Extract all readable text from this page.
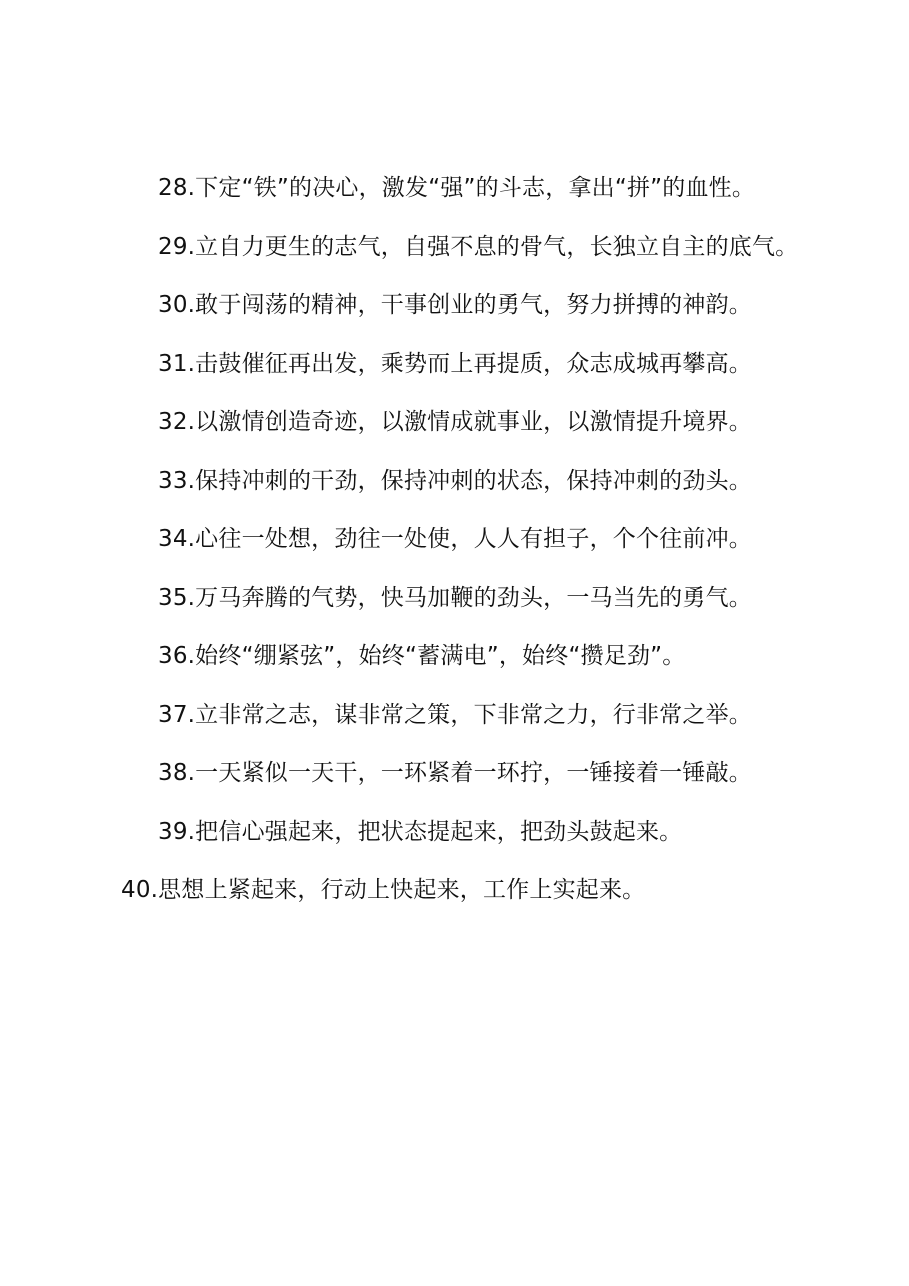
28.下定“铁”的决心，激发“强”的斗志，拿出“拼”的血性。

29.立自力更生的志气，自强不息的骨气，长独立自主的底气。

30.敢于闯荡的精神，干事创业的勇气，努力拼搏的神韵。

31.击鼓催征再出发，乘势而上再提质，众志成城再攀高。

32.以激情创造奇迹，以激情成就事业，以激情提升境界。

33.保持冲刺的干劲，保持冲刺的状态，保持冲刺的劲头。

34.心往一处想，劲往一处使，人人有担子，个个往前冲。

35.万马奔腾的气势，快马加鞭的劲头，一马当先的勇气。

36.始终“绷紧弦”，始终“蓄满电”，始终“攒足劲”。

37.立非常之志，谋非常之策，下非常之力，行非常之举。

38.一天紧似一天干，一环紧着一环拧，一锤接着一锤敲。

39.把信心强起来，把状态提起来，把劲头鼓起来。

40.思想上紧起来，行动上快起来，工作上实起来。
